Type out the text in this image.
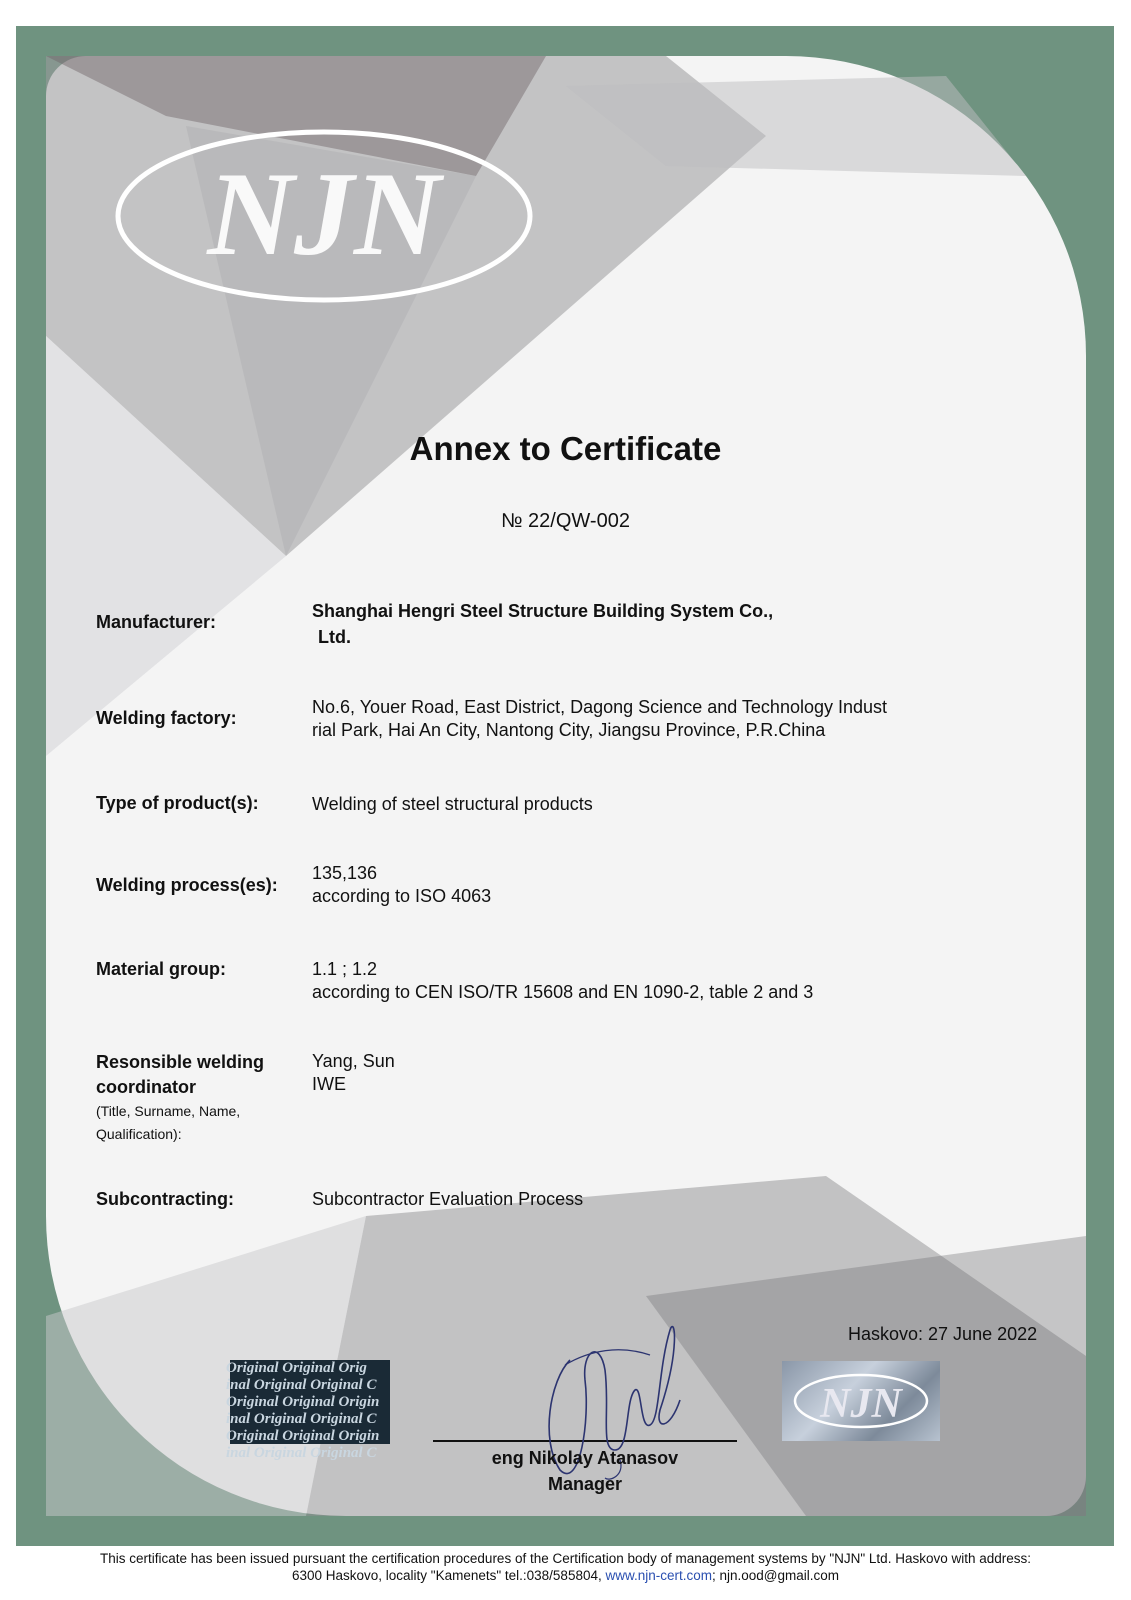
NJN
Annex to Certificate
№ 22/QW-002
Manufacturer:
Shanghai Hengri Steel Structure Building System Co.,
Ltd.
Welding factory:
No.6, Youer Road, East District, Dagong Science and Technology Indust
rial Park, Hai An City, Nantong City, Jiangsu Province, P.R.China
Type of product(s):	Welding of steel structural products
Welding process(es):
135,136
according to ISO 4063
Material group:	1.1 ; 1.2
according to CEN ISO/TR 15608 and EN 1090-2, table 2 and 3
Resonsible welding
coordinator
(Title, Surname, Name,
Qualification):
Yang, Sun
IWE
Subcontracting:	Subcontractor Evaluation Process
Haskovo: 27 June 2022
Original Original Orig
inal Original Original C
Original Original Origin
inal Original Original C
Original Original Origin
inal Original Original C
NJN
eng Nikolay Atanasov
Manager
This certificate has been issued pursuant the certification procedures of the Certification body of management systems by "NJN" Ltd. Haskovo with address:
6300 Haskovo, locality "Kamenets" tel.:038/585804, www.njn-cert.com; njn.ood@gmail.com
